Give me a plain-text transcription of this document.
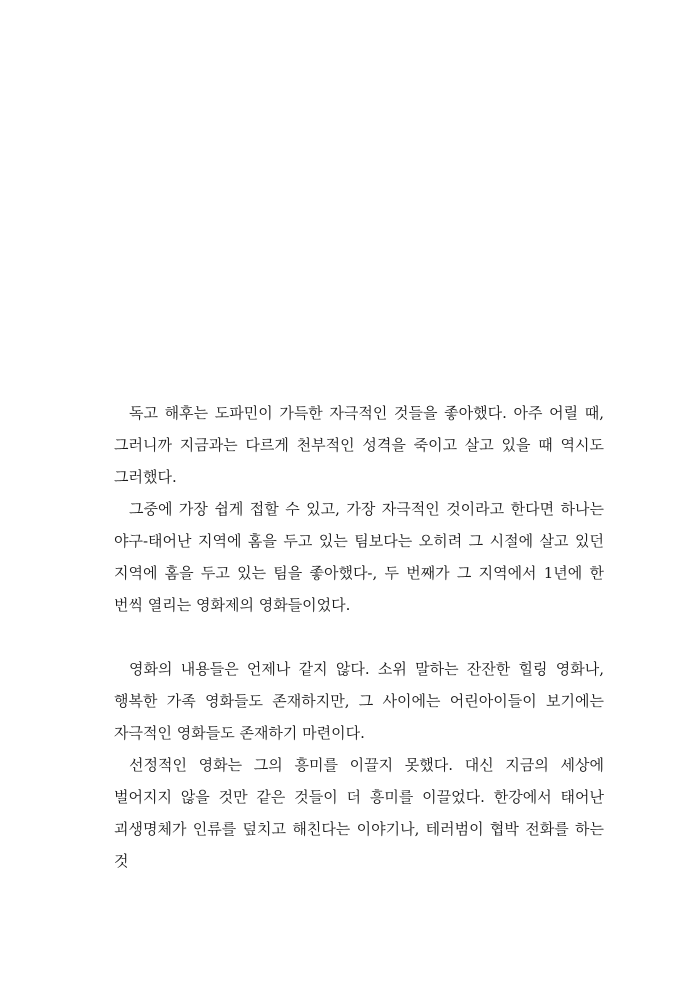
독고 해후는 도파민이 가득한 자극적인 것들을 좋아했다. 아주 어릴 때, 그러니까 지금과는 다르게 천부적인 성격을 죽이고 살고 있을 때 역시도 그러했다.

그중에 가장 쉽게 접할 수 있고, 가장 자극적인 것이라고 한다면 하나는 야구-태어난 지역에 홈을 두고 있는 팀보다는 오히려 그 시절에 살고 있던 지역에 홈을 두고 있는 팀을 좋아했다-, 두 번째가 그 지역에서 1년에 한 번씩 열리는 영화제의 영화들이었다.

영화의 내용들은 언제나 같지 않다. 소위 말하는 잔잔한 힐링 영화나, 행복한 가족 영화들도 존재하지만, 그 사이에는 어린아이들이 보기에는 자극적인 영화들도 존재하기 마련이다.

선정적인 영화는 그의 흥미를 이끌지 못했다. 대신 지금의 세상에 벌어지지 않을 것만 같은 것들이 더 흥미를 이끌었다. 한강에서 태어난 괴생명체가 인류를 덮치고 해친다는 이야기나, 테러범이 협박 전화를 하는 것
